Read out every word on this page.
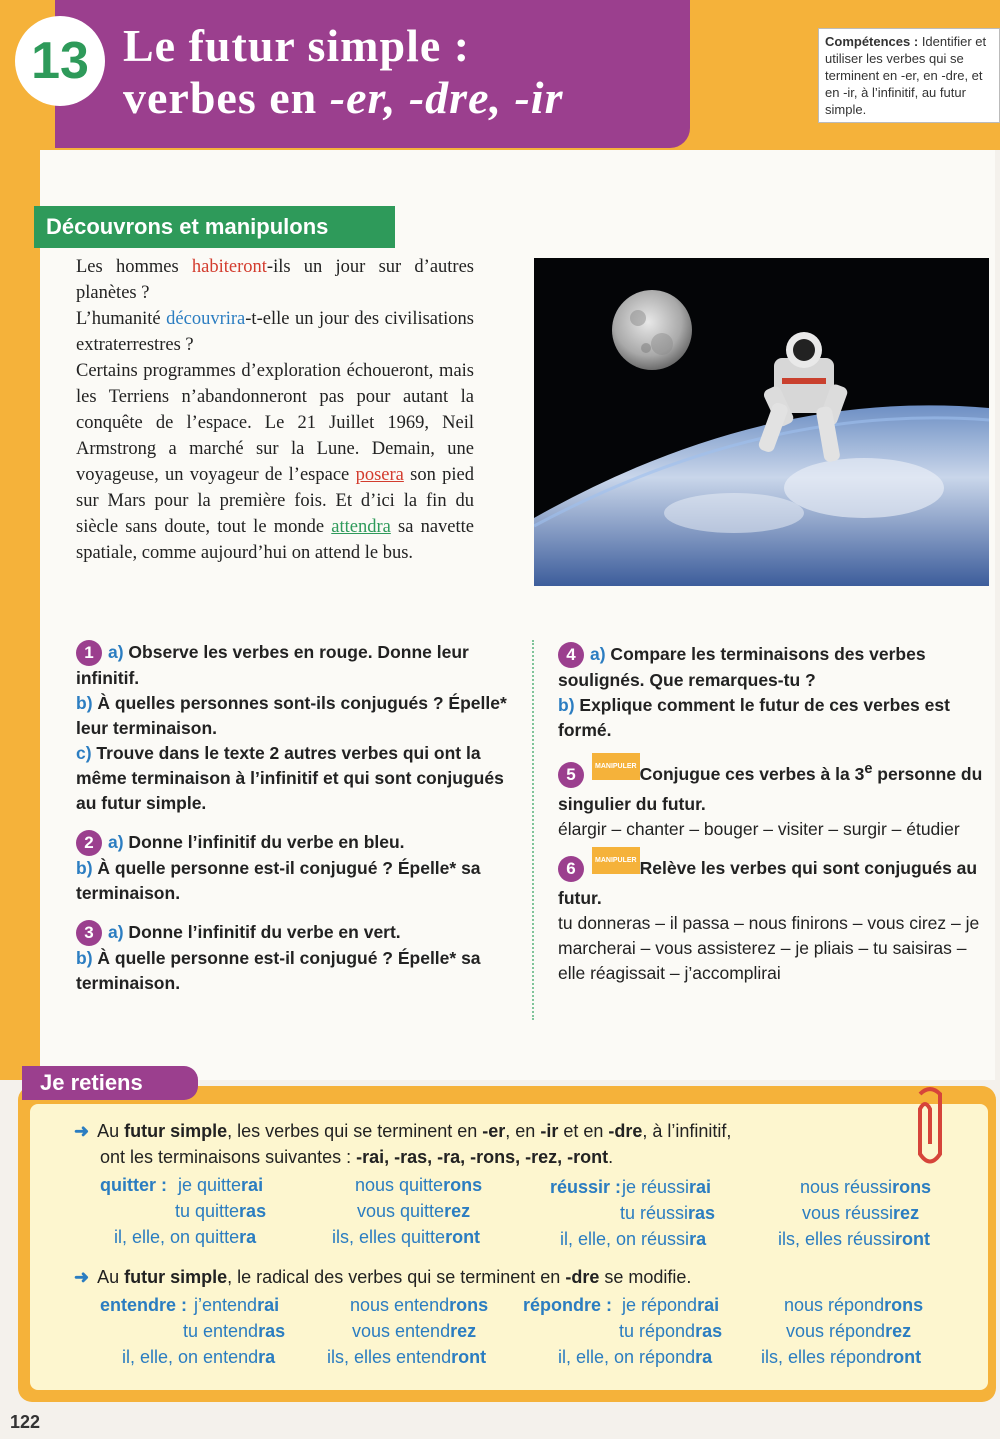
13 Le futur simple :
verbes en -er, -dre, -ir
Compétences : Identifier et utiliser les verbes qui se terminent en -er, en -dre, et en -ir, à l’infinitif, au futur simple.
Découvrons et manipulons
Les hommes habiteront-ils un jour sur d’autres planètes ?
L’humanité découvrira-t-elle un jour des civilisations extraterrestres ?
Certains programmes d’exploration échoueront, mais les Terriens n’abandonneront pas pour autant la conquête de l’espace. Le 21 Juillet 1969, Neil Armstrong a marché sur la Lune. Demain, une voyageuse, un voyageur de l’espace posera son pied sur Mars pour la première fois. Et d’ici la fin du siècle sans doute, tout le monde attendra sa navette spatiale, comme aujourd’hui on attend le bus.
1 a) Observe les verbes en rouge. Donne leur infinitif.
b) À quelles personnes sont-ils conjugués ? Épelle* leur terminaison.
c) Trouve dans le texte 2 autres verbes qui ont la même terminaison à l’infinitif et qui sont conjugués au futur simple.
2 a) Donne l’infinitif du verbe en bleu.
b) À quelle personne est-il conjugué ? Épelle* sa terminaison.
3 a) Donne l’infinitif du verbe en vert.
b) À quelle personne est-il conjugué ? Épelle* sa terminaison.
4 a) Compare les terminaisons des verbes soulignés. Que remarques-tu ?
b) Explique comment le futur de ces verbes est formé.
5	MANIPULER Conjugue ces verbes à la 3e personne du singulier du futur.
élargir – chanter – bouger – visiter – surgir – étudier
6	MANIPULER Relève les verbes qui sont conjugués au futur.
tu donneras – il passa – nous finirons – vous cirez – je marcherai – vous assisterez – je pliais – tu saisiras – elle réagissait – j’accomplirai
Je retiens
➜ Au futur simple, les verbes qui se terminent en -er, en -ir et en -dre, à l’infinitif,
ont les terminaisons suivantes : -rai, -ras, -ra, -rons, -rez, -ront.
quitter : je quitterai
tu quitteras
il, elle, on quittera
nous quitterons
vous quitterez
ils, elles quitteront
réussir : je réussirai
tu réussiras
il, elle, on réussira
nous réussirons
vous réussirez
ils, elles réussiront
➜ Au futur simple, le radical des verbes qui se terminent en -dre se modifie.
entendre : j’entendrai
tu entendras
il, elle, on entendra
nous entendrons
vous entendrez
ils, elles entendront
répondre : je répondrai
tu répondras
il, elle, on répondra
nous répondrons
vous répondrez
ils, elles répondront
122
